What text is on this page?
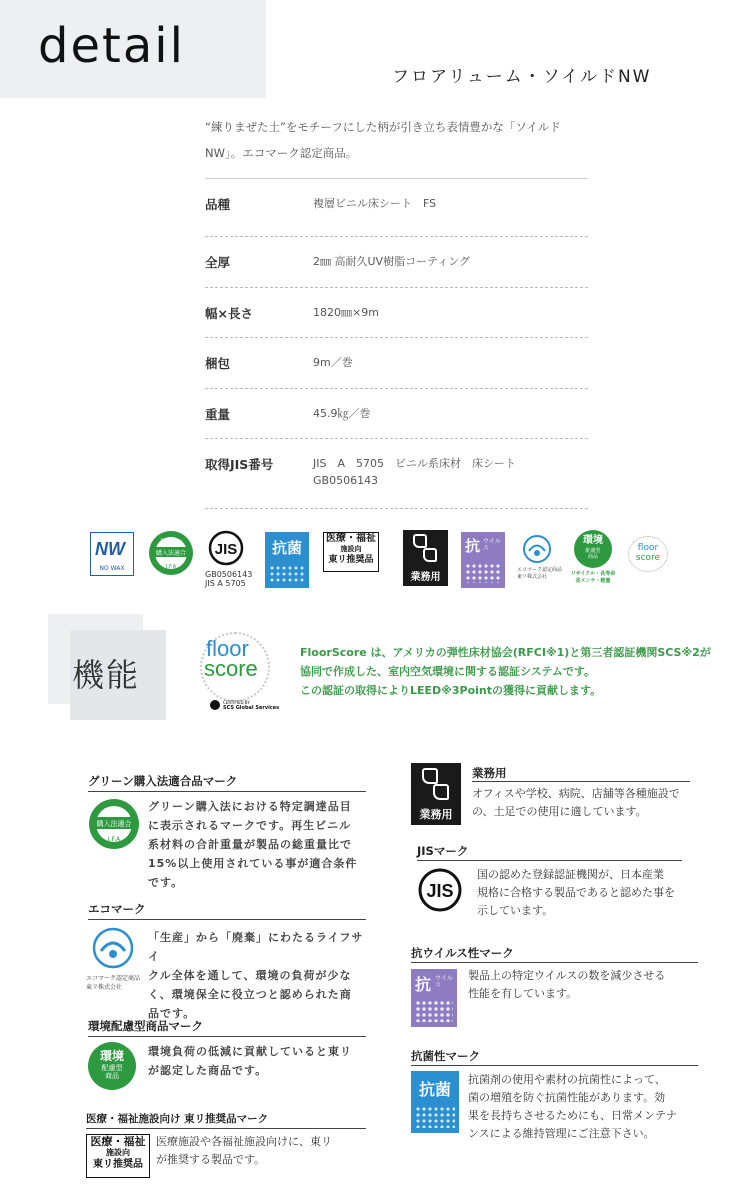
detail
フロアリューム・ソイルドNW
“練りまぜた土”をモチーフにした柄が引き立ち表情豊かな「ソイルド
NW」。エコマーク認定商品。
品種	複層ビニル床シート　FS
全厚	2㎜ 高耐久UV樹脂コーティング
幅×長さ	1820㎜×9m
梱包	9m／巻
重量	45.9㎏／巻
取得JIS番号	JIS　A　5705　ビニル系床材　床シート
GB0506143
NW
NO WAX
グリーン
購入法適合
I.F.A
JIS
GB0506143
JIS A 5705
抗菌
医療・福祉
施設向
東リ推奨品
業務用
抗 ウイルス
エコマーク認定商品
東リ株式会社
環境
配慮型
商品
リサイクル・長寿命
省メンテ・軽量
floor
score
機能
floor
score
CERTIFIED BY
SCS Global Services
FloorScore は、アメリカの弾性床材協会(RFCI※1)と第三者認証機関SCS※2が
協同で作成した、室内空気環境に関する認証システムです。
この認証の取得によりLEED※3Pointの獲得に貢献します。
グリーン購入法適合品マーク
グリーン
購入法適合
I.F.A
グリーン購入法における特定調達品目
に表示されるマークです。再生ビニル
系材料の合計重量が製品の総重量比で
15%以上使用されている事が適合条件
です。
エコマーク
エコマーク認定商品
東リ株式会社
「生産」から「廃棄」にわたるライフサイ
クル全体を通して、環境の負荷が少な
く、環境保全に役立つと認められた商
品です。
環境配慮型商品マーク
環境
配慮型
商品
環境負荷の低減に貢献していると東リ
が認定した商品です。
医療・福祉施設向け 東リ推奨品マーク
医療・福祉
施設向
東リ推奨品
医療施設や各福祉施設向けに、東リ
が推奨する製品です。
業務用
業務用
オフィスや学校、病院、店舗等各種施設で
の、土足での使用に適しています。
JISマーク
JIS
国の認めた登録認証機関が、日本産業
規格に合格する製品であると認めた事を
示しています。
抗ウイルス性マーク
抗 ウイルス
製品上の特定ウイルスの数を減少させる
性能を有しています。
抗菌性マーク
抗菌
抗菌剤の使用や素材の抗菌性によって、
菌の増殖を防ぐ抗菌性能があります。効
果を長持ちさせるためにも、日常メンテナ
ンスによる維持管理にご注意下さい。
